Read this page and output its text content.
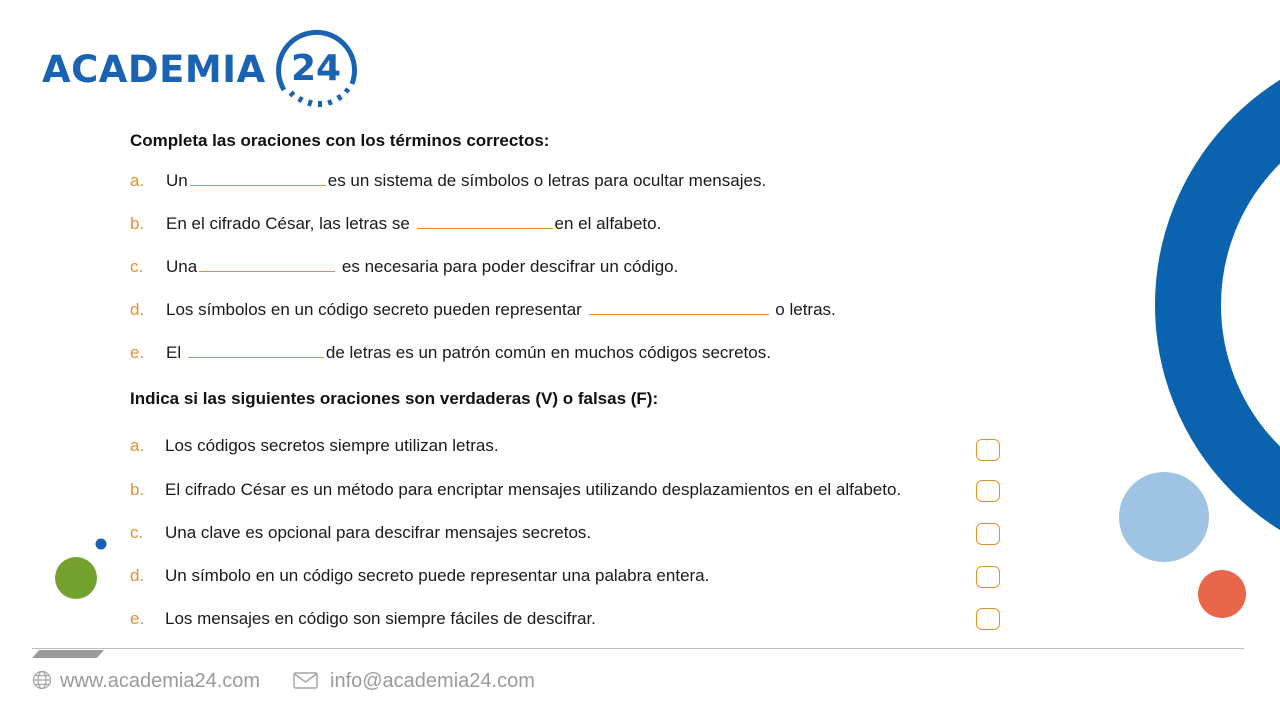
ACADEMIA 24
Completa las oraciones con los términos correctos:
a. Un	es un sistema de símbolos o letras para ocultar mensajes.
b. En el cifrado César, las letras se	en el alfabeto.
c. Una	es necesaria para poder descifrar un código.
d. Los símbolos en un código secreto pueden representar	o letras.
e. El	de letras es un patrón común en muchos códigos secretos.
Indica si las siguientes oraciones son verdaderas (V) o falsas (F):
a. Los códigos secretos siempre utilizan letras.
b. El cifrado César es un método para encriptar mensajes utilizando desplazamientos en el alfabeto.
c. Una clave es opcional para descifrar mensajes secretos.
d. Un símbolo en un código secreto puede representar una palabra entera.
e. Los mensajes en código son siempre fáciles de descifrar.
www.academia24.com	info@academia24.com
